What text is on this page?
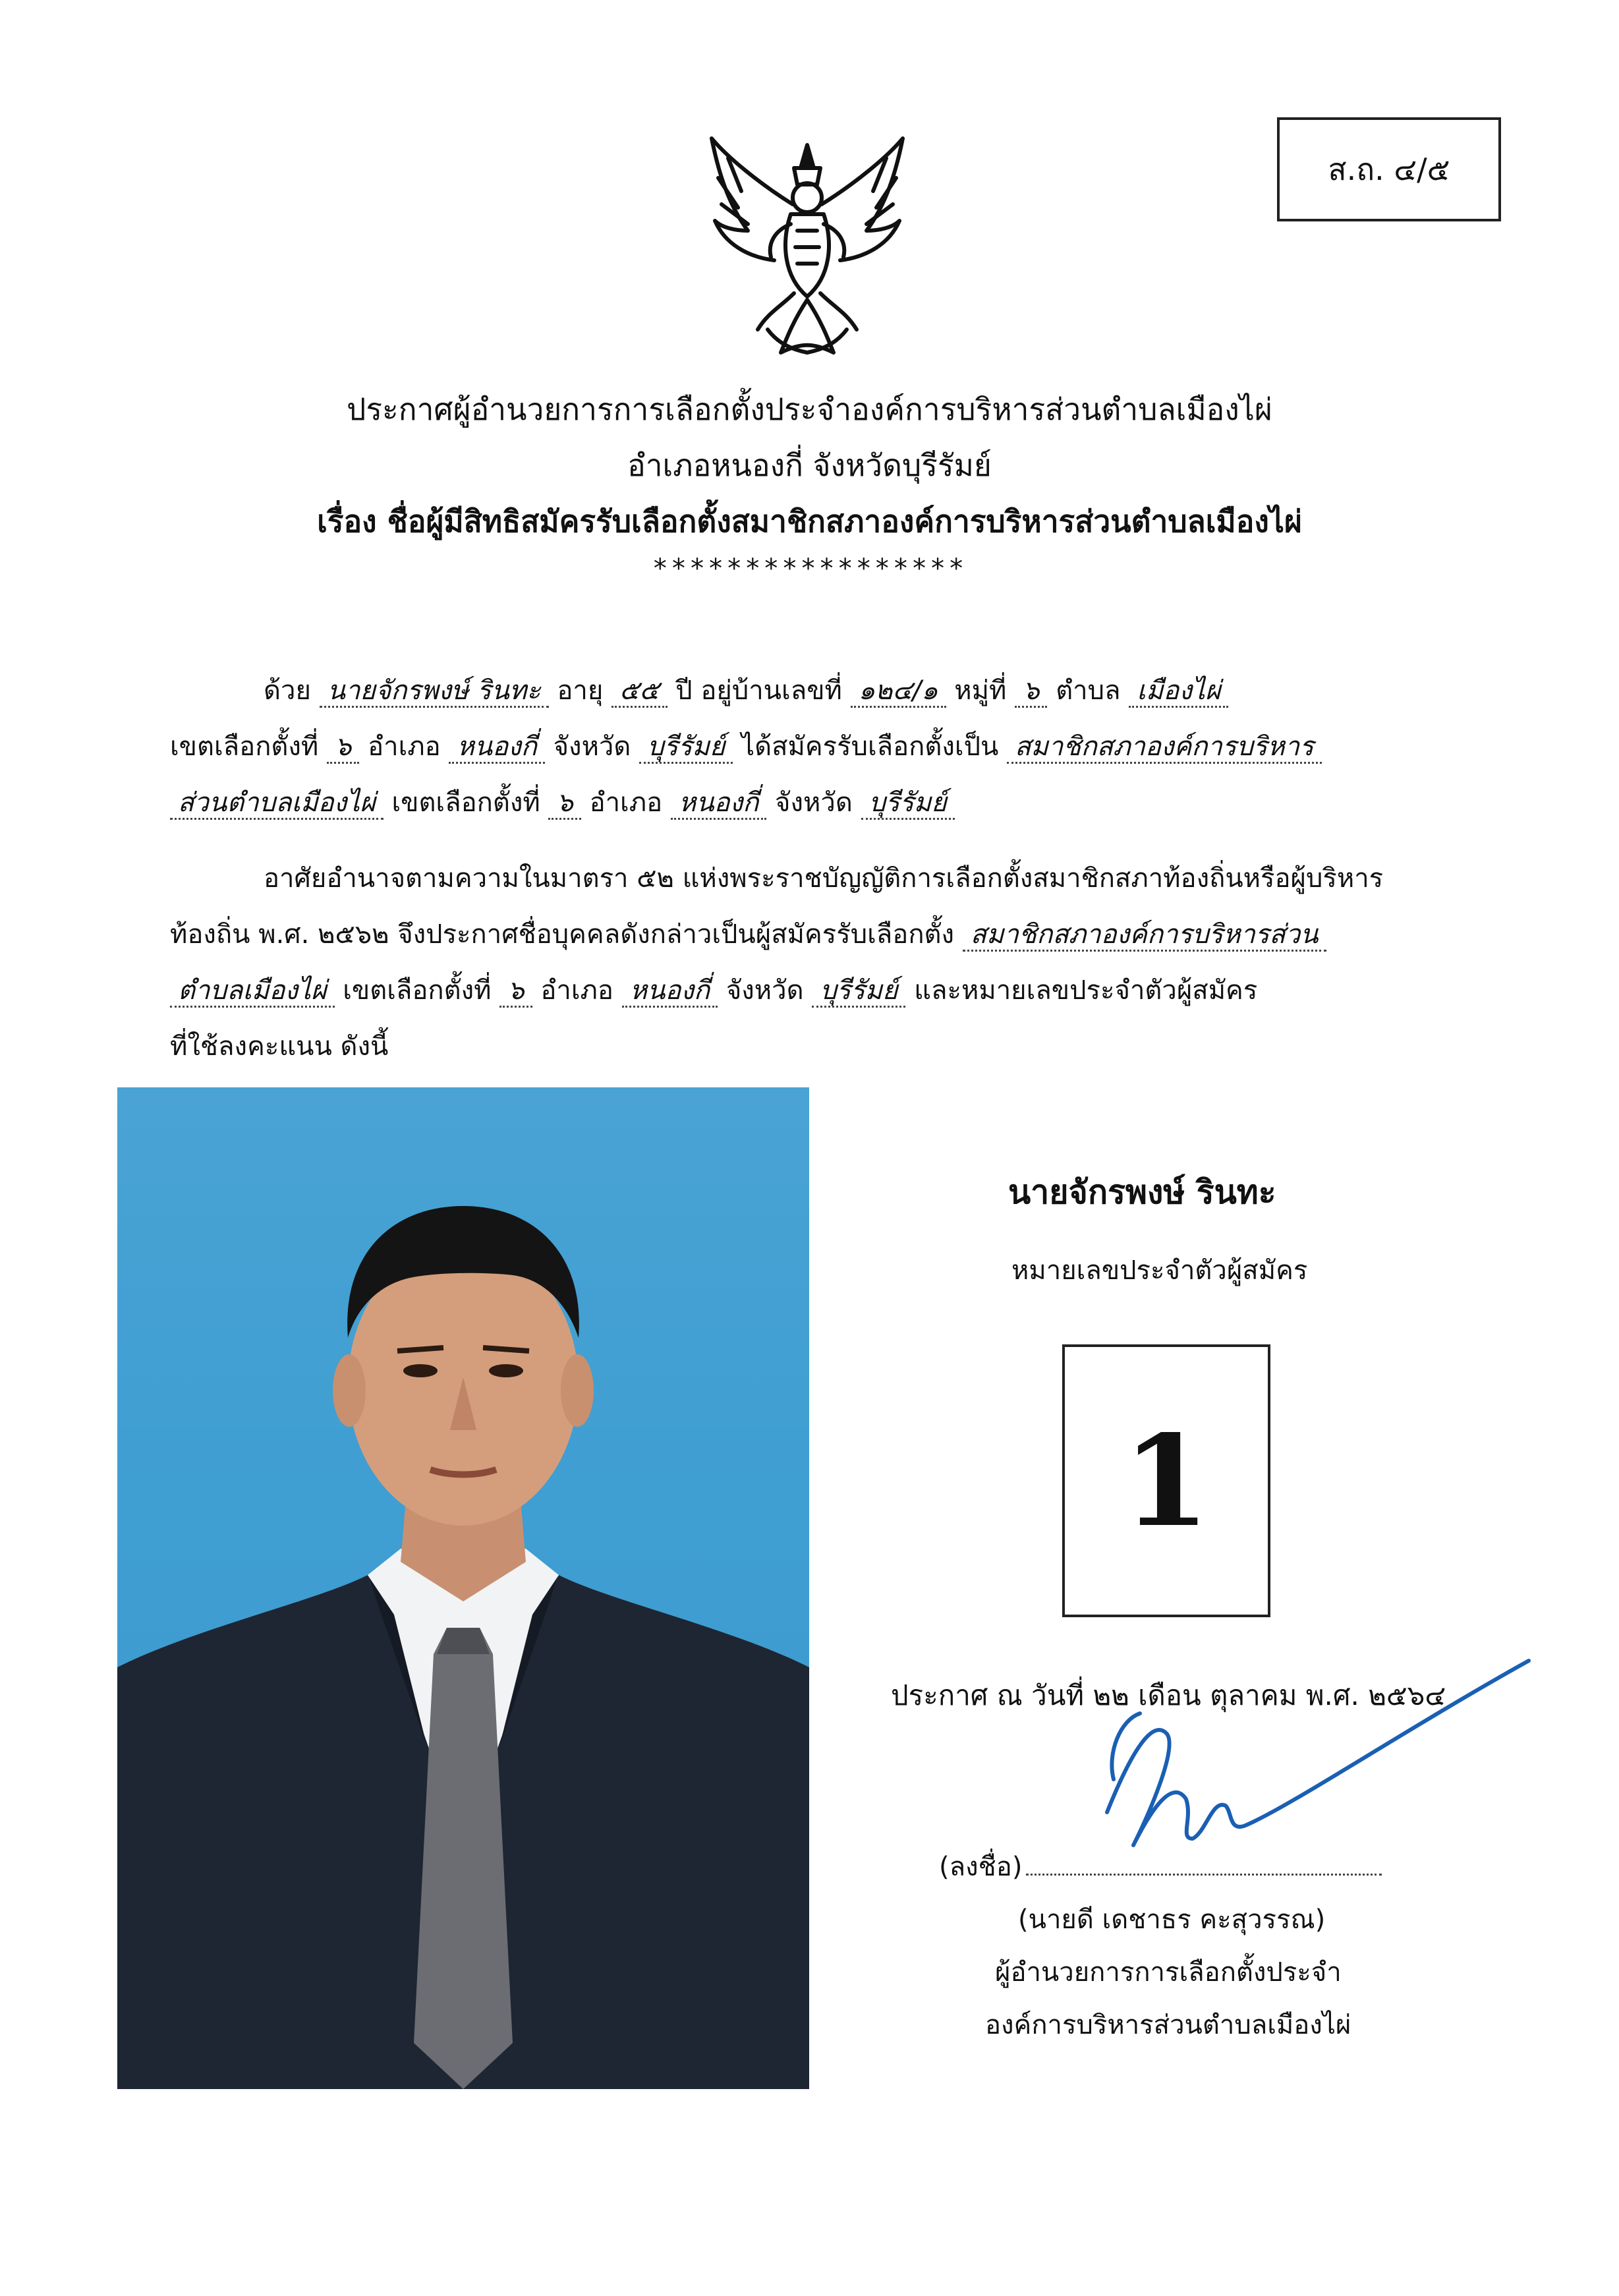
ส.ถ. ๔/๕
ประกาศผู้อำนวยการการเลือกตั้งประจำองค์การบริหารส่วนตำบลเมืองไผ่
อำเภอหนองกี่ จังหวัดบุรีรัมย์
เรื่อง ชื่อผู้มีสิทธิสมัครรับเลือกตั้งสมาชิกสภาองค์การบริหารส่วนตำบลเมืองไผ่
*****************
ด้วย นายจักรพงษ์ รินทะ อายุ ๕๕ ปี อยู่บ้านเลขที่ ๑๒๔/๑ หมู่ที่ ๖ ตำบล เมืองไผ่
เขตเลือกตั้งที่ ๖ อำเภอ หนองกี่ จังหวัด บุรีรัมย์ ได้สมัครรับเลือกตั้งเป็น สมาชิกสภาองค์การบริหาร
ส่วนตำบลเมืองไผ่ เขตเลือกตั้งที่ ๖ อำเภอ หนองกี่ จังหวัด บุรีรัมย์
อาศัยอำนาจตามความในมาตรา ๕๒ แห่งพระราชบัญญัติการเลือกตั้งสมาชิกสภาท้องถิ่นหรือผู้บริหาร
ท้องถิ่น พ.ศ. ๒๕๖๒ จึงประกาศชื่อบุคคลดังกล่าวเป็นผู้สมัครรับเลือกตั้ง สมาชิกสภาองค์การบริหารส่วน
ตำบลเมืองไผ่ เขตเลือกตั้งที่ ๖ อำเภอ หนองกี่ จังหวัด บุรีรัมย์ และหมายเลขประจำตัวผู้สมัคร
ที่ใช้ลงคะแนน ดังนี้
นายจักรพงษ์ รินทะ
หมายเลขประจำตัวผู้สมัคร
1
ประกาศ ณ วันที่ ๒๒ เดือน ตุลาคม พ.ศ. ๒๕๖๔
(ลงชื่อ)
(นายดี เดชาธร คะสุวรรณ)
ผู้อำนวยการการเลือกตั้งประจำ
องค์การบริหารส่วนตำบลเมืองไผ่
